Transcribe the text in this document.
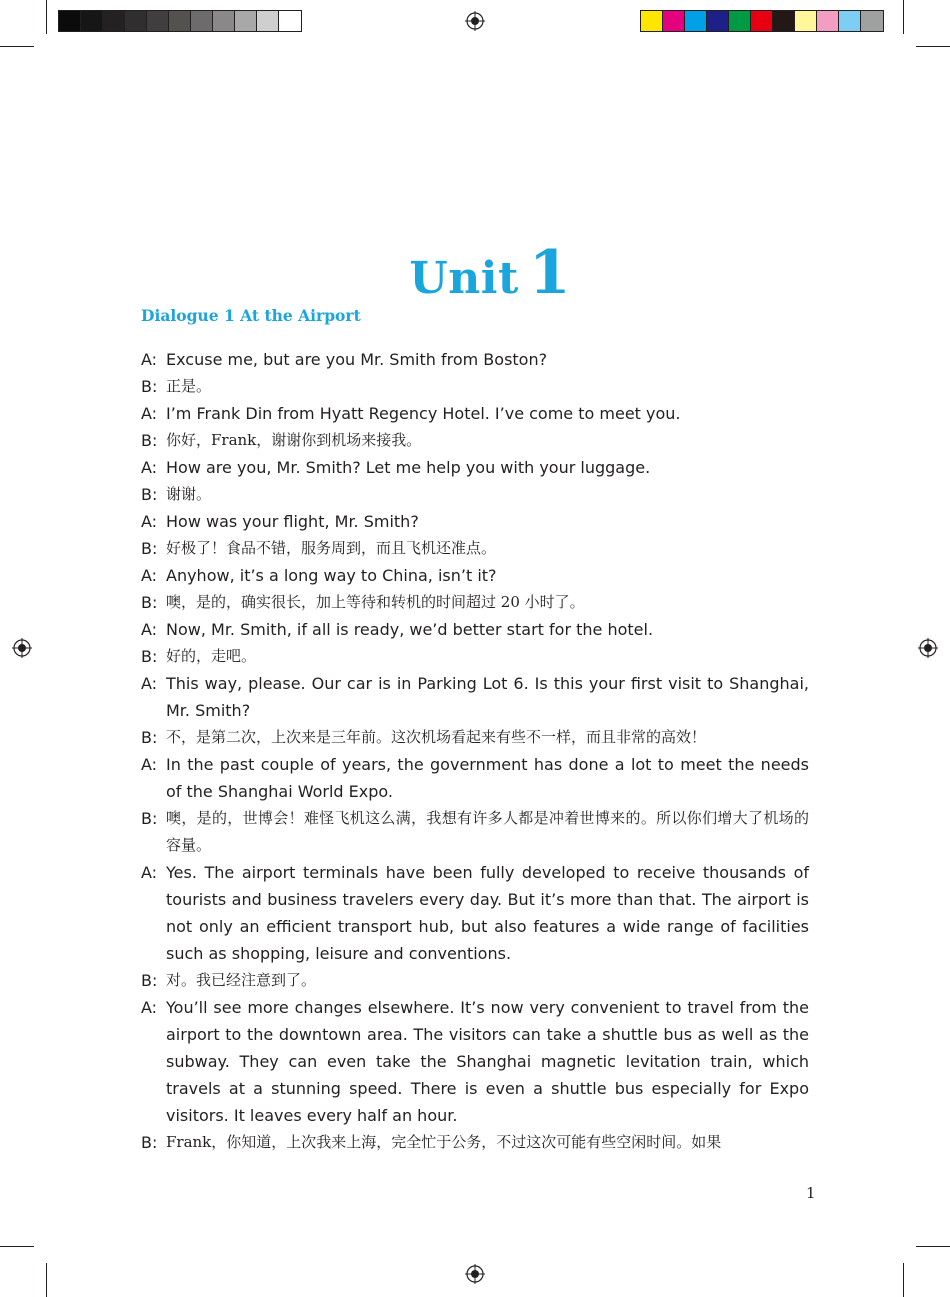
Unit 1
Dialogue 1 At the Airport
A: Excuse me, but are you Mr. Smith from Boston?
B: 正是。
A: I’m Frank Din from Hyatt Regency Hotel. I’ve come to meet you.
B: 你好，Frank，谢谢你到机场来接我。
A: How are you, Mr. Smith? Let me help you with your luggage.
B: 谢谢。
A: How was your flight, Mr. Smith?
B: 好极了！食品不错，服务周到，而且飞机还准点。
A: Anyhow, it’s a long way to China, isn’t it?
B: 噢，是的，确实很长，加上等待和转机的时间超过 20 小时了。
A: Now, Mr. Smith, if all is ready, we’d better start for the hotel.
B: 好的，走吧。
A: This way, please. Our car is in Parking Lot 6. Is this your first visit to Shanghai, Mr. Smith?
B: 不，是第二次，上次来是三年前。这次机场看起来有些不一样，而且非常的高效！
A: In the past couple of years, the government has done a lot to meet the needs of the Shanghai World Expo.
B: 噢，是的，世博会！难怪飞机这么满，我想有许多人都是冲着世博来的。所以你们增大了机场的容量。
A: Yes. The airport terminals have been fully developed to receive thousands of tourists and business travelers every day. But it’s more than that. The airport is not only an efficient transport hub, but also features a wide range of facilities such as shopping, leisure and conventions.
B: 对。我已经注意到了。
A: You’ll see more changes elsewhere. It’s now very convenient to travel from the airport to the downtown area. The visitors can take a shuttle bus as well as the subway. They can even take the Shanghai magnetic levitation train, which travels at a stunning speed. There is even a shuttle bus especially for Expo visitors. It leaves every half an hour.
B: Frank，你知道，上次我来上海，完全忙于公务，不过这次可能有些空闲时间。如果
1
